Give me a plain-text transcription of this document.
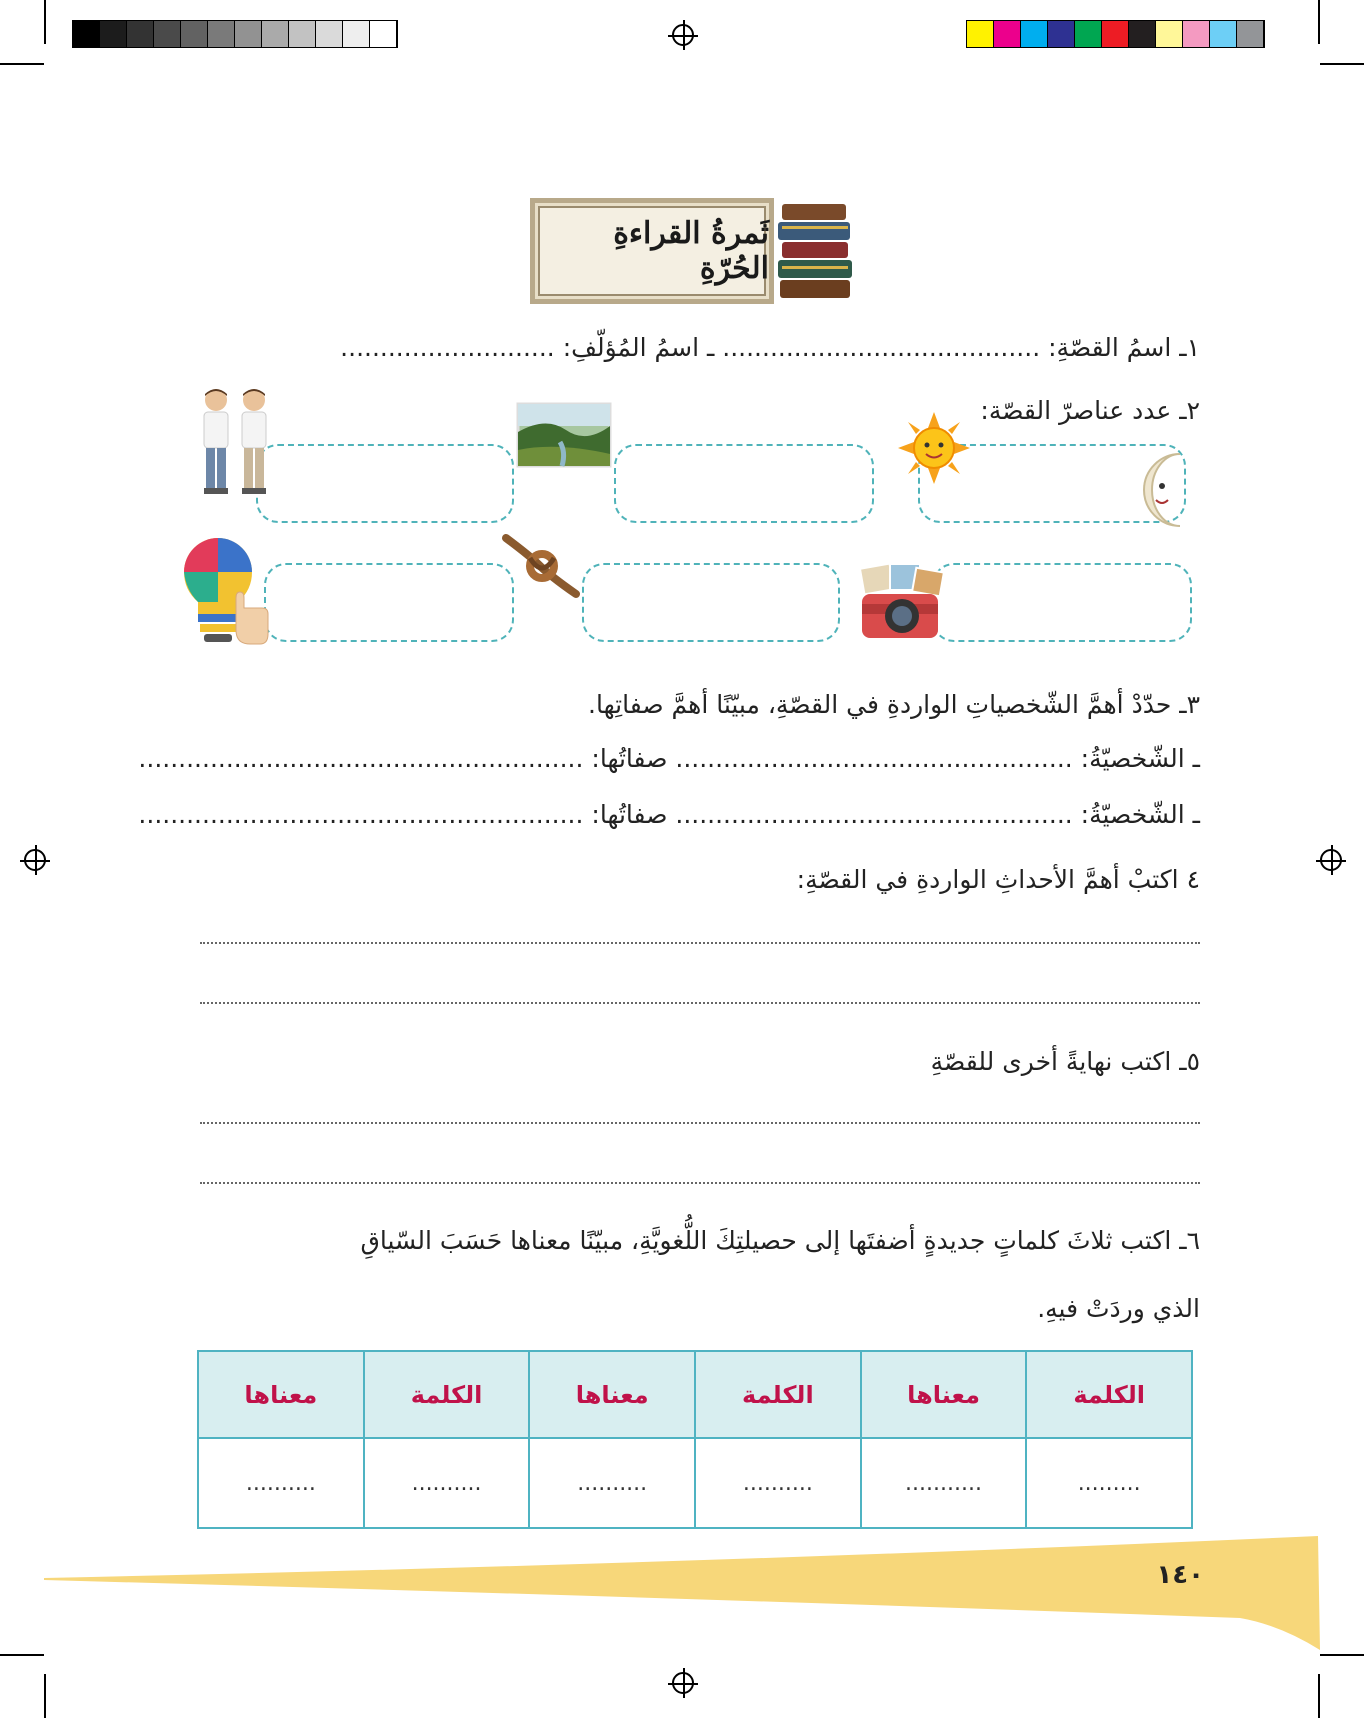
ثَمرةُ القراءةِ الحُرّةِ
١ـ اسمُ القصّةِ: ........................................ ـ اسمُ المُؤلّفِ: ...........................
٢ـ عدد عناصرّ القصّة:
٣ـ حدّدْ أهمَّ الشّخصياتِ الواردةِ في القصّةِ، مبيّنًا أهمَّ صفاتِها.
ـ الشّخصيّةُ: .................................................. صفاتُها: ........................................................
ـ الشّخصيّةُ: .................................................. صفاتُها: ........................................................
٤ اكتبْ أهمَّ الأحداثِ الواردةِ في القصّةِ:
٥ـ اكتب نهايةً أخرى للقصّةِ
٦ـ اكتب ثلاثَ كلماتٍ جديدةٍ أضفتَها إلى حصيلتِكَ اللُّغويَّةِ، مبيّنًا معناها حَسَبَ السّياقِ
الذي وردَتْ فيهِ.
الكلمة	معناها	الكلمة	معناها	الكلمة	معناها
.........	...........	..........	..........	..........	..........
١٤٠
